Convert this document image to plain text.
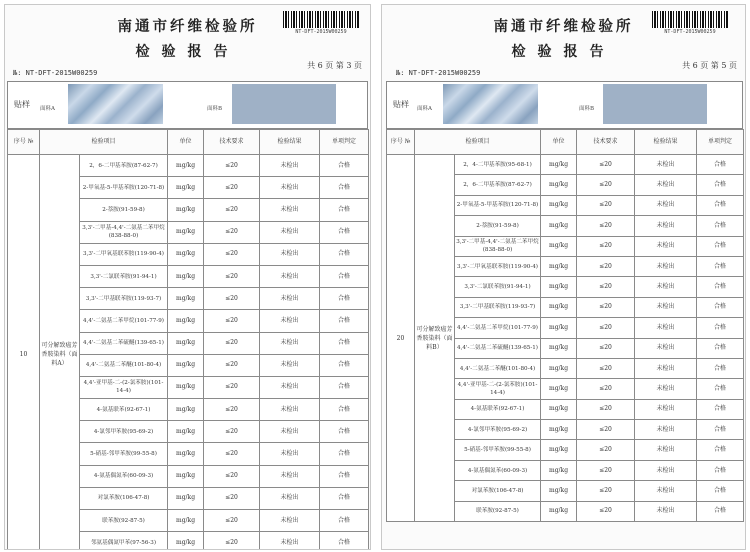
南通市纤维检验所	NT-DFT-2015W00259
检验报告
共 6 页 第 3 页
№: NT-DFT-2015W00259
贴样 面料A	面料B
序号 №	检验项目		单位	技术要求	检验结果	单项判定
10	可分解致癌芳香胺染料（面料A）	2，6-二甲基苯胺(87-62-7)	mg/kg	≤20	未检出	合格
		2-甲氧基-5-甲基苯胺(120-71-8)	mg/kg	≤20	未检出	合格
		2-萘胺(91-59-8)	mg/kg	≤20	未检出	合格
		3,3'-二甲基-4,4'-二氨基二苯甲烷(838-88-0)	mg/kg	≤20	未检出	合格
		3,3'-二甲氧基联苯胺(119-90-4)	mg/kg	≤20	未检出	合格
		3,3'-二氯联苯胺(91-94-1)	mg/kg	≤20	未检出	合格
		3,3'-二甲基联苯胺(119-93-7)	mg/kg	≤20	未检出	合格
		4,4'-二氨基二苯甲烷(101-77-9)	mg/kg	≤20	未检出	合格
		4,4'-二氨基二苯硫醚(139-65-1)	mg/kg	≤20	未检出	合格
		4,4'-二氨基二苯醚(101-80-4)	mg/kg	≤20	未检出	合格
		4,4'-亚甲基-二-(2-氯苯胺)(101-14-4)	mg/kg	≤20	未检出	合格
		4-氨基联苯(92-67-1)	mg/kg	≤20	未检出	合格
		4-氯邻甲苯胺(95-69-2)	mg/kg	≤20	未检出	合格
		5-硝基-邻甲苯胺(99-55-8)	mg/kg	≤20	未检出	合格
		4-氨基偶氮苯(60-09-3)	mg/kg	≤20	未检出	合格
		对氯苯胺(106-47-8)	mg/kg	≤20	未检出	合格
		联苯胺(92-87-5)	mg/kg	≤20	未检出	合格
		邻氨基偶氮甲苯(97-56-3)	mg/kg	≤20	未检出	合格
南通市纤维检验所	NT-DFT-2015W00259
检验报告
共 6 页 第 5 页
№: NT-DFT-2015W00259
贴样 面料A	面料B
序号 №	检验项目		单位	技术要求	检验结果	单项判定
20	可分解致癌芳香胺染料（面料B）	2，4-二甲基苯胺(95-68-1)	mg/kg	≤20	未检出	合格
		2，6-二甲基苯胺(87-62-7)	mg/kg	≤20	未检出	合格
		2-甲氧基-5-甲基苯胺(120-71-8)	mg/kg	≤20	未检出	合格
		2-萘胺(91-59-8)	mg/kg	≤20	未检出	合格
		3,3'-二甲基-4,4'-二氨基二苯甲烷(838-88-0)	mg/kg	≤20	未检出	合格
		3,3'-二甲氧基联苯胺(119-90-4)	mg/kg	≤20	未检出	合格
		3,3'-二氯联苯胺(91-94-1)	mg/kg	≤20	未检出	合格
		3,3'-二甲基联苯胺(119-93-7)	mg/kg	≤20	未检出	合格
		4,4'-二氨基二苯甲烷(101-77-9)	mg/kg	≤20	未检出	合格
		4,4'-二氨基二苯硫醚(139-65-1)	mg/kg	≤20	未检出	合格
		4,4'-二氨基二苯醚(101-80-4)	mg/kg	≤20	未检出	合格
		4,4'-亚甲基-二-(2-氯苯胺)(101-14-4)	mg/kg	≤20	未检出	合格
		4-氨基联苯(92-67-1)	mg/kg	≤20	未检出	合格
		4-氯邻甲苯胺(95-69-2)	mg/kg	≤20	未检出	合格
		5-硝基-邻甲苯胺(99-55-8)	mg/kg	≤20	未检出	合格
		4-氨基偶氮苯(60-09-3)	mg/kg	≤20	未检出	合格
		对氯苯胺(106-47-8)	mg/kg	≤20	未检出	合格
		联苯胺(92-87-5)	mg/kg	≤20	未检出	合格
